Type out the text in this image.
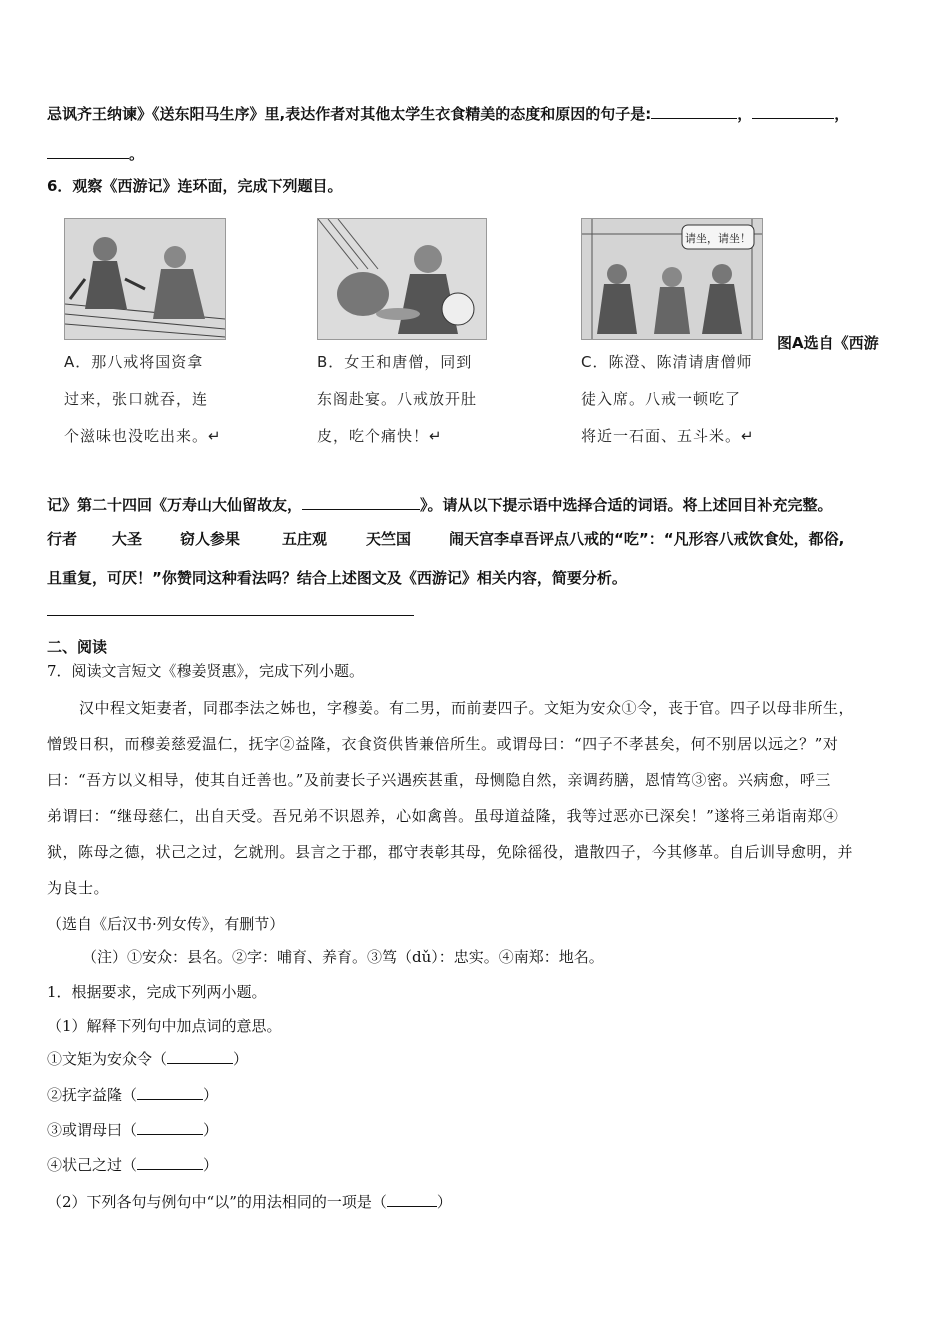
忌讽齐王纳谏》《送东阳马生序》里,表达作者对其他太学生衣食精美的态度和原因的句子是:	，	，
。
6．观察《西游记》连环面，完成下列题目。
请坐，请坐！
A．那八戒将国资拿
过来，张口就吞，连
个滋味也没吃出来。↵
B．女王和唐僧，同到
东阁赴宴。八戒放开肚
皮，吃个痛快！↵
C．陈澄、陈清请唐僧师
徒入席。八戒一顿吃了
将近一石面、五斗米。↵
图A选自《西游
记》第二十四回《万寿山大仙留故友，	》。请从以下提示语中选择合适的词语。将上述回目补充完整。
行者 大圣	窃人参果	五庄观	天竺国	闹天宫李卓吾评点八戒的“吃”：“凡形容八戒饮食处，都俗,
且重复，可厌！”你赞同这种看法吗？结合上述图文及《西游记》相关内容，简要分析。
二、阅读
7．阅读文言短文《穆姜贤惠》，完成下列小题。
汉中程文矩妻者，同郡李法之姊也，字穆姜。有二男，而前妻四子。文矩为安众①令，丧于官。四子以母非所生，
憎毁日积，而穆姜慈爱温仁，抚字②益隆，衣食资供皆兼倍所生。或谓母曰：“四子不孝甚矣，何不别居以远之？”对
曰：“吾方以义相导，使其自迁善也。”及前妻长子兴遇疾甚重，母恻隐自然，亲调药膳，恩情笃③密。兴病愈，呼三
弟谓曰：“继母慈仁，出自天受。吾兄弟不识恩养，心如禽兽。虽母道益隆，我等过恶亦已深矣！”遂将三弟诣南郑④
狱，陈母之德，状己之过，乞就刑。县言之于郡，郡守表彰其母，免除徭役，遣散四子，今其修革。自后训导愈明，并
为良士。
（选自《后汉书·列女传》，有删节）
（注）①安众：县名。②字：哺育、养育。③笃（dǔ）：忠实。④南郑：地名。
1．根据要求，完成下列两小题。
（1）解释下列句中加点词的意思。
①文矩为安众令（	）
②抚字益隆（	）
③或谓母曰（	）
④状己之过（	）
（2）下列各句与例句中“以”的用法相同的一项是（	）
